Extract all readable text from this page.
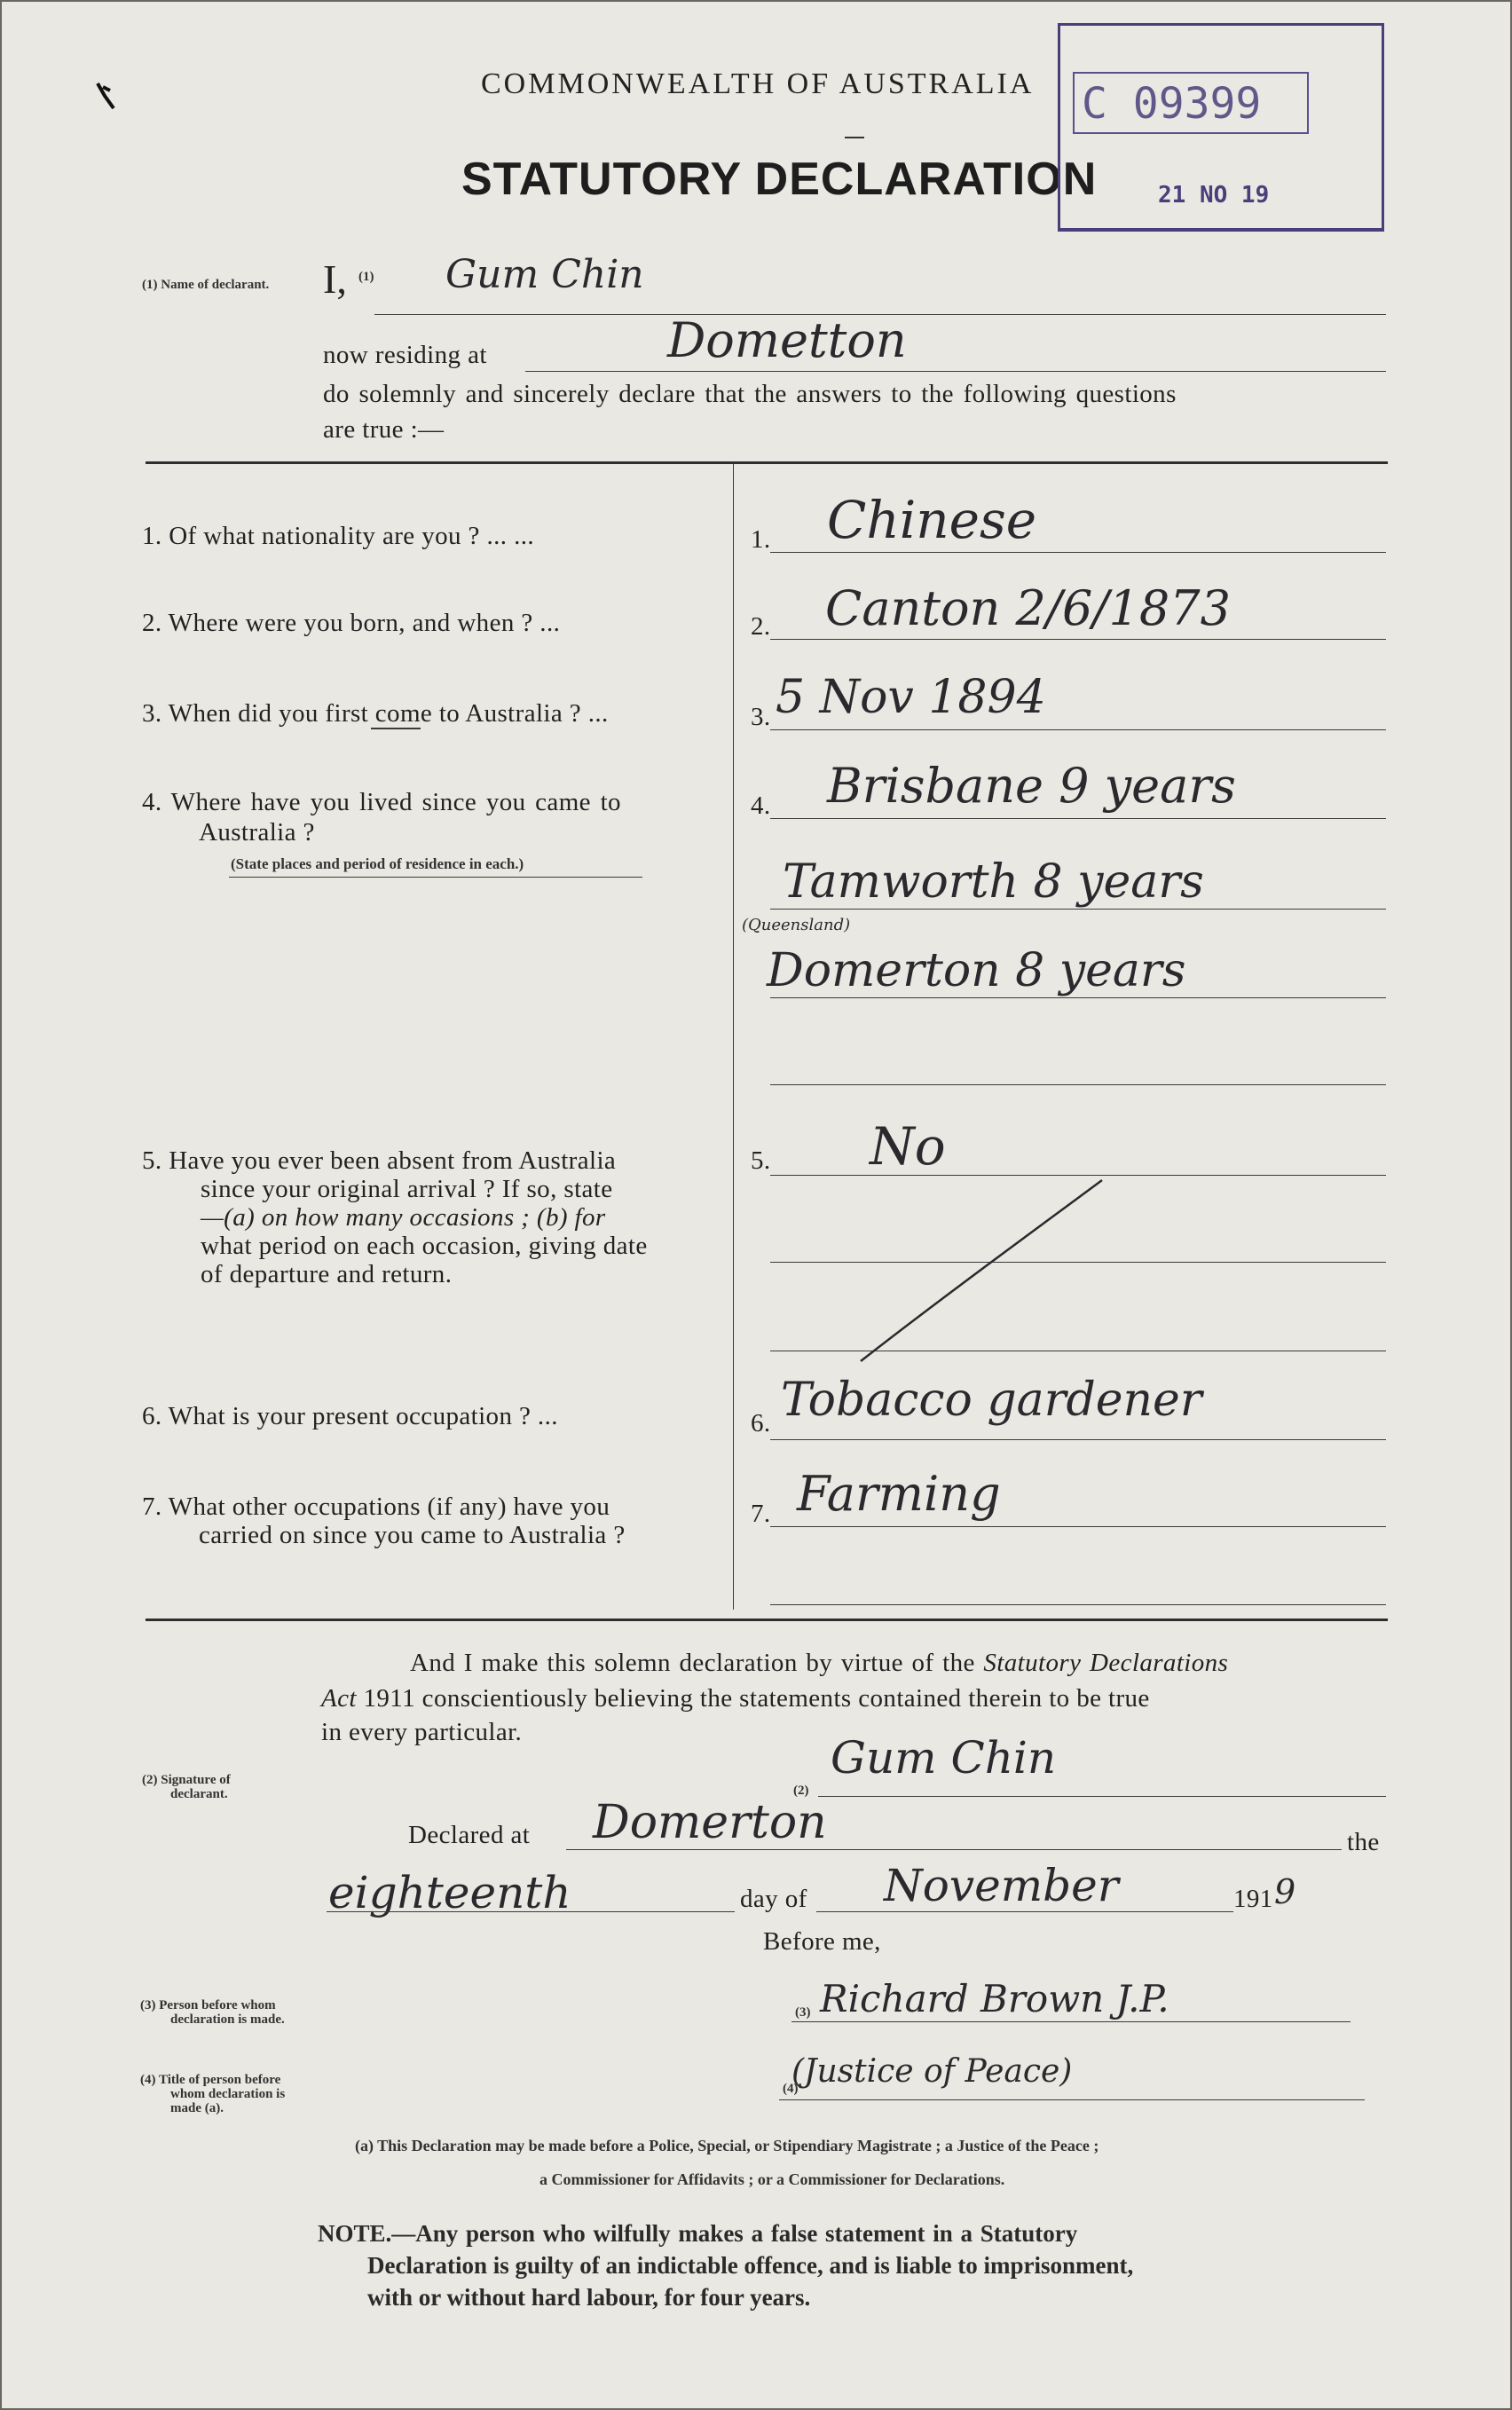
COMMONWEALTH OF AUSTRALIA
STATUTORY DECLARATION
C 09399
21 NO 19
(1) Name of declarant. I, (1) Gum Chin
now residing at	Dometton
do solemnly and sincerely declare that the answers to the following questions
are true :—
1. Of what nationality are you ? ... ...	1. Chinese
2. Where were you born, and when ? ...	2. Canton 2/6/1873
3. When did you first come to Australia ? ...	3. 5 Nov 1894
4. Where have you lived since you came to
Australia ?
(State places and period of residence in each.)
4. Brisbane 9 years
Tamworth 8 years
(Queensland)
Domerton 8 years
5. Have you ever been absent from Australia
since your original arrival ? If so, state
—(a) on how many occasions ; (b) for
what period on each occasion, giving date
of departure and return.
5. No
6. What is your present occupation ? ...	6. Tobacco gardener
7. What other occupations (if any) have you
carried on since you came to Australia ?
7. Farming
And I make this solemn declaration by virtue of the Statutory Declarations
Act 1911 conscientiously believing the statements contained therein to be true
in every particular.
(2) Signature of
declarant.	(2)
Gum Chin
Declared at Domerton	the
eighteenth	day of November	191 9
Before me,
(3) Person before whom
declaration is made.	(3) Richard Brown J.P.
(4) Title of person before
whom declaration is
made (a).
(4)
(Justice of Peace)
(a) This Declaration may be made before a Police, Special, or Stipendiary Magistrate ; a Justice of the Peace ;
a Commissioner for Affidavits ; or a Commissioner for Declarations.
NOTE.—Any person who wilfully makes a false statement in a Statutory
Declaration is guilty of an indictable offence, and is liable to imprisonment,
with or without hard labour, for four years.
